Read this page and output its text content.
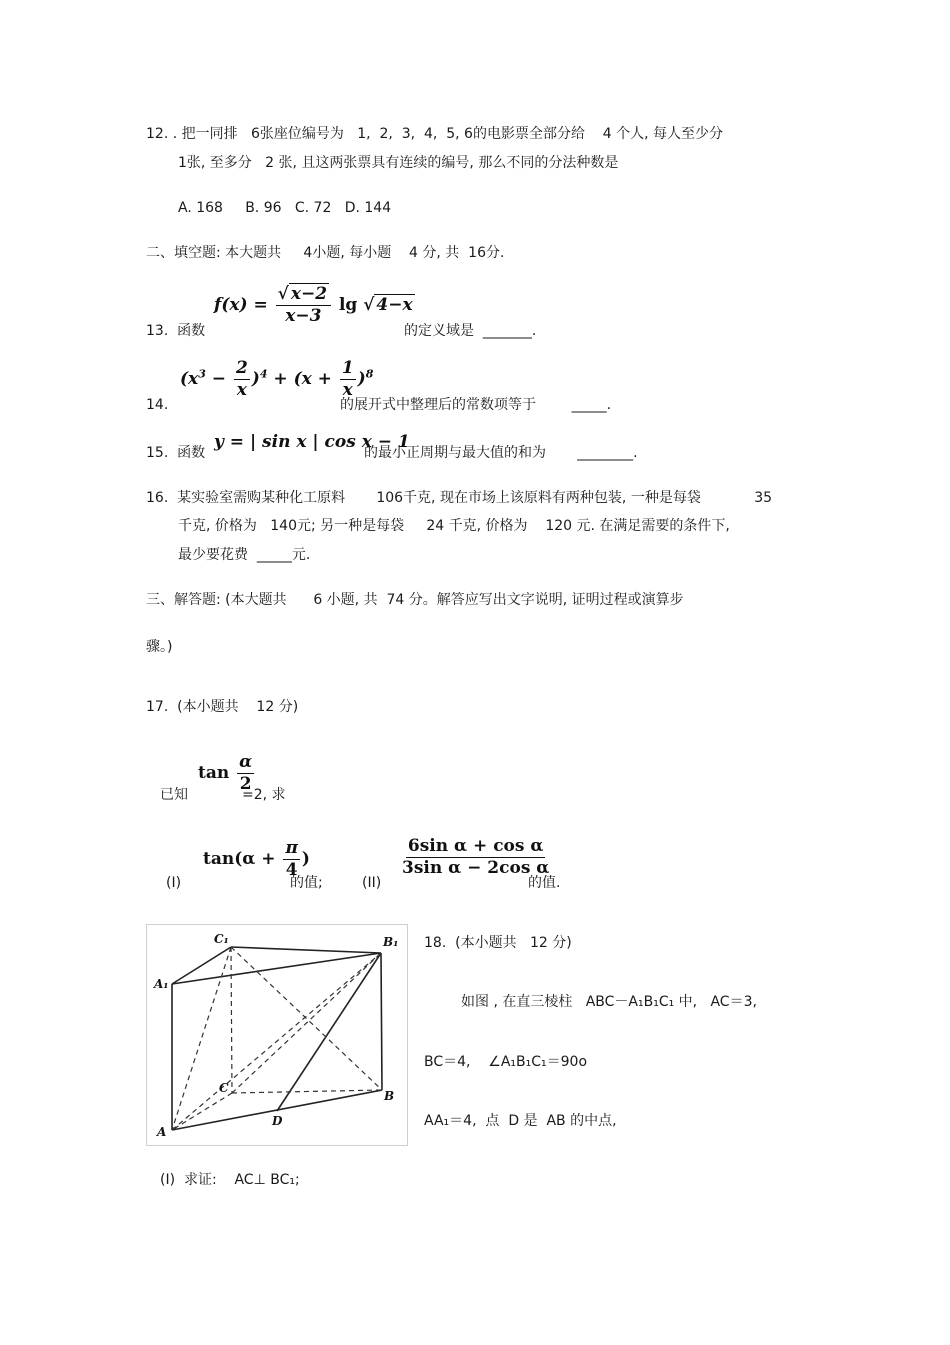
12. . 把一同排   6张座位编号为   1,  2,  3,  4,  5, 6的电影票全部分给    4 个人, 每人至少分
1张, 至多分   2 张, 且这两张票具有连续的编号, 那么不同的分法种数是
A. 168     B. 96   C. 72   D. 144
二、填空题: 本大题共     4小题, 每小题    4 分, 共  16分.
13.  函数
$f(x) = \frac{√ x-2}{x-3}$ lg √ 4−x
的定义域是  _______.
14.
$(x^3 - \frac{2}{x} )^4 + (x + \frac{1}{x} )^8$
的展开式中整理后的常数项等于        _____.
15.  函数
y = | sin x | cos x − 1
的最小正周期与最大值的和为       ________.
16.  某实验室需购某种化工原料       106千克, 现在市场上该原料有两种包装, 一种是每袋            35
千克, 价格为   140元; 另一种是每袋     24 千克, 价格为    120 元. 在满足需要的条件下,
最少要花费  _____元.
三、解答题: (本大题共      6 小题, 共  74 分。解答应写出文字说明, 证明过程或演算步
骤。)
17.  (本小题共    12 分)
$\tan \frac{\alpha}{2}$
已知	=2, 求
(I)
$\tan(\alpha + \frac{\pi}{4}$ )
的值;	(II)
$\frac{\text{6sin α + cos α}}{\text{3sin α − 2cos α}}$
的值.
C₁	B₁
A₁
C
B
A
D
18.  (本小题共   12 分)
如图 , 在直三棱柱   ABC－A₁B₁C₁ 中,   AC＝3,
BC＝4,    ∠A₁B₁C₁＝90o
AA₁＝4,  点  D 是  AB 的中点,
(I)  求证:    AC⊥ BC₁;
